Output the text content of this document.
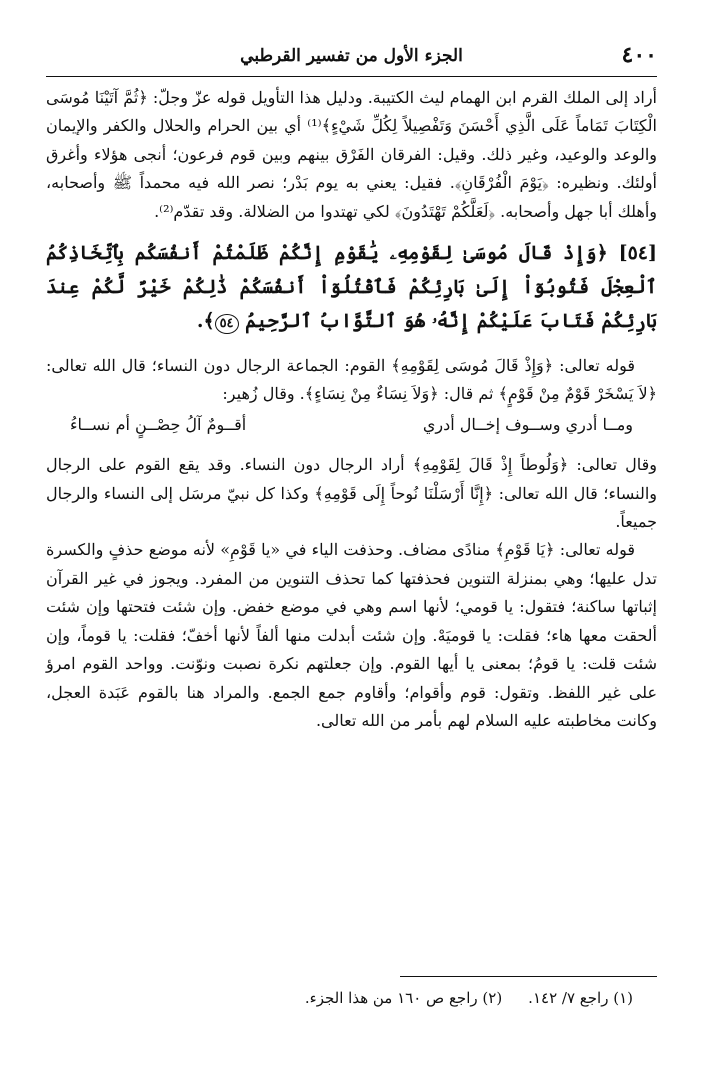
٤٠٠
الجزء الأول من تفسير القرطبي

أراد إلى الملك القرم ابن الهمام ليث الكتيبة. ودليل هذا التأويل قوله عزّ وجلّ: ﴿ثُمَّ آتَيْنَا مُوسَى الْكِتَابَ تَمَاماً عَلَى الَّذِي أَحْسَنَ وَتَفْصِيلاً لِكُلِّ شَيْءٍ﴾⁽¹⁾ أي بين الحرام والحلال والكفر والإيمان والوعد والوعيد، وغير ذلك. وقيل: الفرقان الفَرْق بينهم وبين قوم فرعون؛ أنجى هؤلاء وأغرق أولئك. ونظيره: ﴿يَوْمَ الْفُرْقَانِ﴾. فقيل: يعني به يوم بَدْر؛ نصر الله فيه محمداً ﷺ وأصحابه، وأهلك أبا جهل وأصحابه. ﴿لَعَلَّكُمْ تَهْتَدُونَ﴾ لكي تهتدوا من الضلالة. وقد تقدّم⁽²⁾.

[٥٤] ﴿وَإِذْ قَالَ مُوسَىٰ لِقَوْمِهِۦ يَٰقَوْمِ إِنَّكُمْ ظَلَمْتُمْ أَنفُسَكُم بِٱتِّخَاذِكُمُ ٱلْعِجْلَ فَتُوبُوٓاْ إِلَىٰ بَارِئِكُمْ فَٱقْتُلُوٓاْ أَنفُسَكُمْ ذَٰلِكُمْ خَيْرٌ لَّكُمْ عِندَ بَارِئِكُمْ فَتَابَ عَلَيْكُمْ إِنَّهُۥ هُوَ ٱلتَّوَّابُ ٱلرَّحِيمُ ٥٤﴾.

قوله تعالى: ﴿وَإِذْ قَالَ مُوسَى لِقَوْمِهِ﴾ القوم: الجماعة الرجال دون النساء؛ قال الله تعالى: ﴿لاَ يَسْخَرْ قَوْمٌ مِنْ قَوْمٍ﴾ ثم قال: ﴿وَلاَ نِسَاءٌ مِنْ نِسَاءٍ﴾. وقال زُهير:

ومــا أدري وســوف إخــال أدري
أقــومٌ آلُ حِصْــنٍ أم نســاءُ

وقال تعالى: ﴿وَلُوطاً إِذْ قَالَ لِقَوْمِهِ﴾ أراد الرجال دون النساء. وقد يقع القوم على الرجال والنساء؛ قال الله تعالى: ﴿إِنَّا أَرْسَلْنَا نُوحاً إِلَى قَوْمِهِ﴾ وكذا كل نبيّ مرسَل إلى النساء والرجال جميعاً.

قوله تعالى: ﴿يَا قَوْمِ﴾ منادًى مضاف. وحذفت الياء في «يا قَوْمِ» لأنه موضع حذفٍ والكسرة تدل عليها؛ وهي بمنزلة التنوين فحذفتها كما تحذف التنوين من المفرد. ويجوز في غير القرآن إثباتها ساكنة؛ فتقول: يا قومي؛ لأنها اسم وهي في موضع خفض. وإن شئت فتحتها وإن شئت ألحقت معها هاء؛ فقلت: يا قوميَهْ. وإن شئت أبدلت منها ألفاً لأنها أخفّ؛ فقلت: يا قوماً، وإن شئت قلت: يا قومُ؛ بمعنى يا أيها القوم. وإن جعلتهم نكرة نصبت ونوّنت. وواحد القوم امرؤ على غير اللفظ. وتقول: قوم وأقوام؛ وأقاوم جمع الجمع. والمراد هنا بالقوم عَبَدة العجل، وكانت مخاطبته عليه السلام لهم بأمر من الله تعالى.

(١) راجع ٧/ ١٤٢.
(٢) راجع ص ١٦٠ من هذا الجزء.
